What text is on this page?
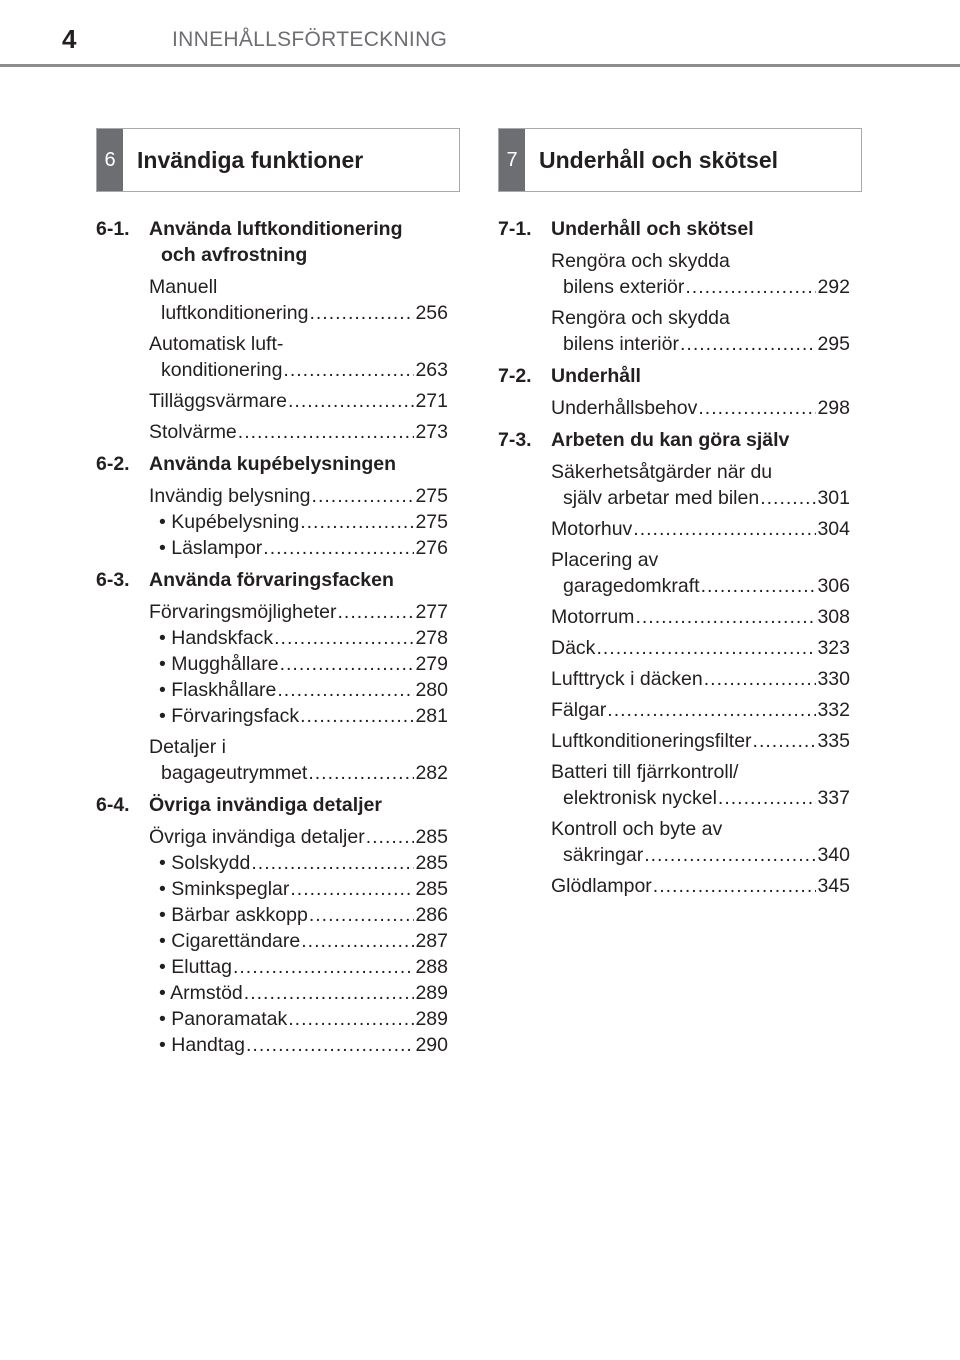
4	INNEHÅLLSFÖRTECKNING
6 Invändiga funktioner
6-1. Använda luftkonditionering
och avfrostning
Manuell
luftkonditionering .....	256
Automatisk luft-
konditionering .....	263
Tilläggsvärmare .....	271
Stolvärme .....	273
6-2. Använda kupébelysningen
Invändig belysning .....	275
• Kupébelysning .....	275
• Läslampor .....	276
6-3. Använda förvaringsfacken
Förvaringsmöjligheter .....	277
• Handskfack .....	278
• Mugghållare .....	279
• Flaskhållare .....	280
• Förvaringsfack .....	281
Detaljer i
bagageutrymmet .....	282
6-4. Övriga invändiga detaljer
Övriga invändiga detaljer .....	285
• Solskydd .....	285
• Sminkspeglar .....	285
• Bärbar askkopp .....	286
• Cigarettändare .....	287
• Eluttag .....	288
• Armstöd .....	289
• Panoramatak .....	289
• Handtag .....	290
7 Underhåll och skötsel
7-1. Underhåll och skötsel
Rengöra och skydda
bilens exteriör .....	292
Rengöra och skydda
bilens interiör .....	295
7-2. Underhåll
Underhållsbehov .....	298
7-3. Arbeten du kan göra själv
Säkerhetsåtgärder när du
själv arbetar med bilen .....	301
Motorhuv .....	304
Placering av
garagedomkraft .....	306
Motorrum .....	308
Däck .....	323
Lufttryck i däcken .....	330
Fälgar .....	332
Luftkonditioneringsfilter .....	335
Batteri till fjärrkontroll/
elektronisk nyckel .....	337
Kontroll och byte av
säkringar .....	340
Glödlampor .....	345
